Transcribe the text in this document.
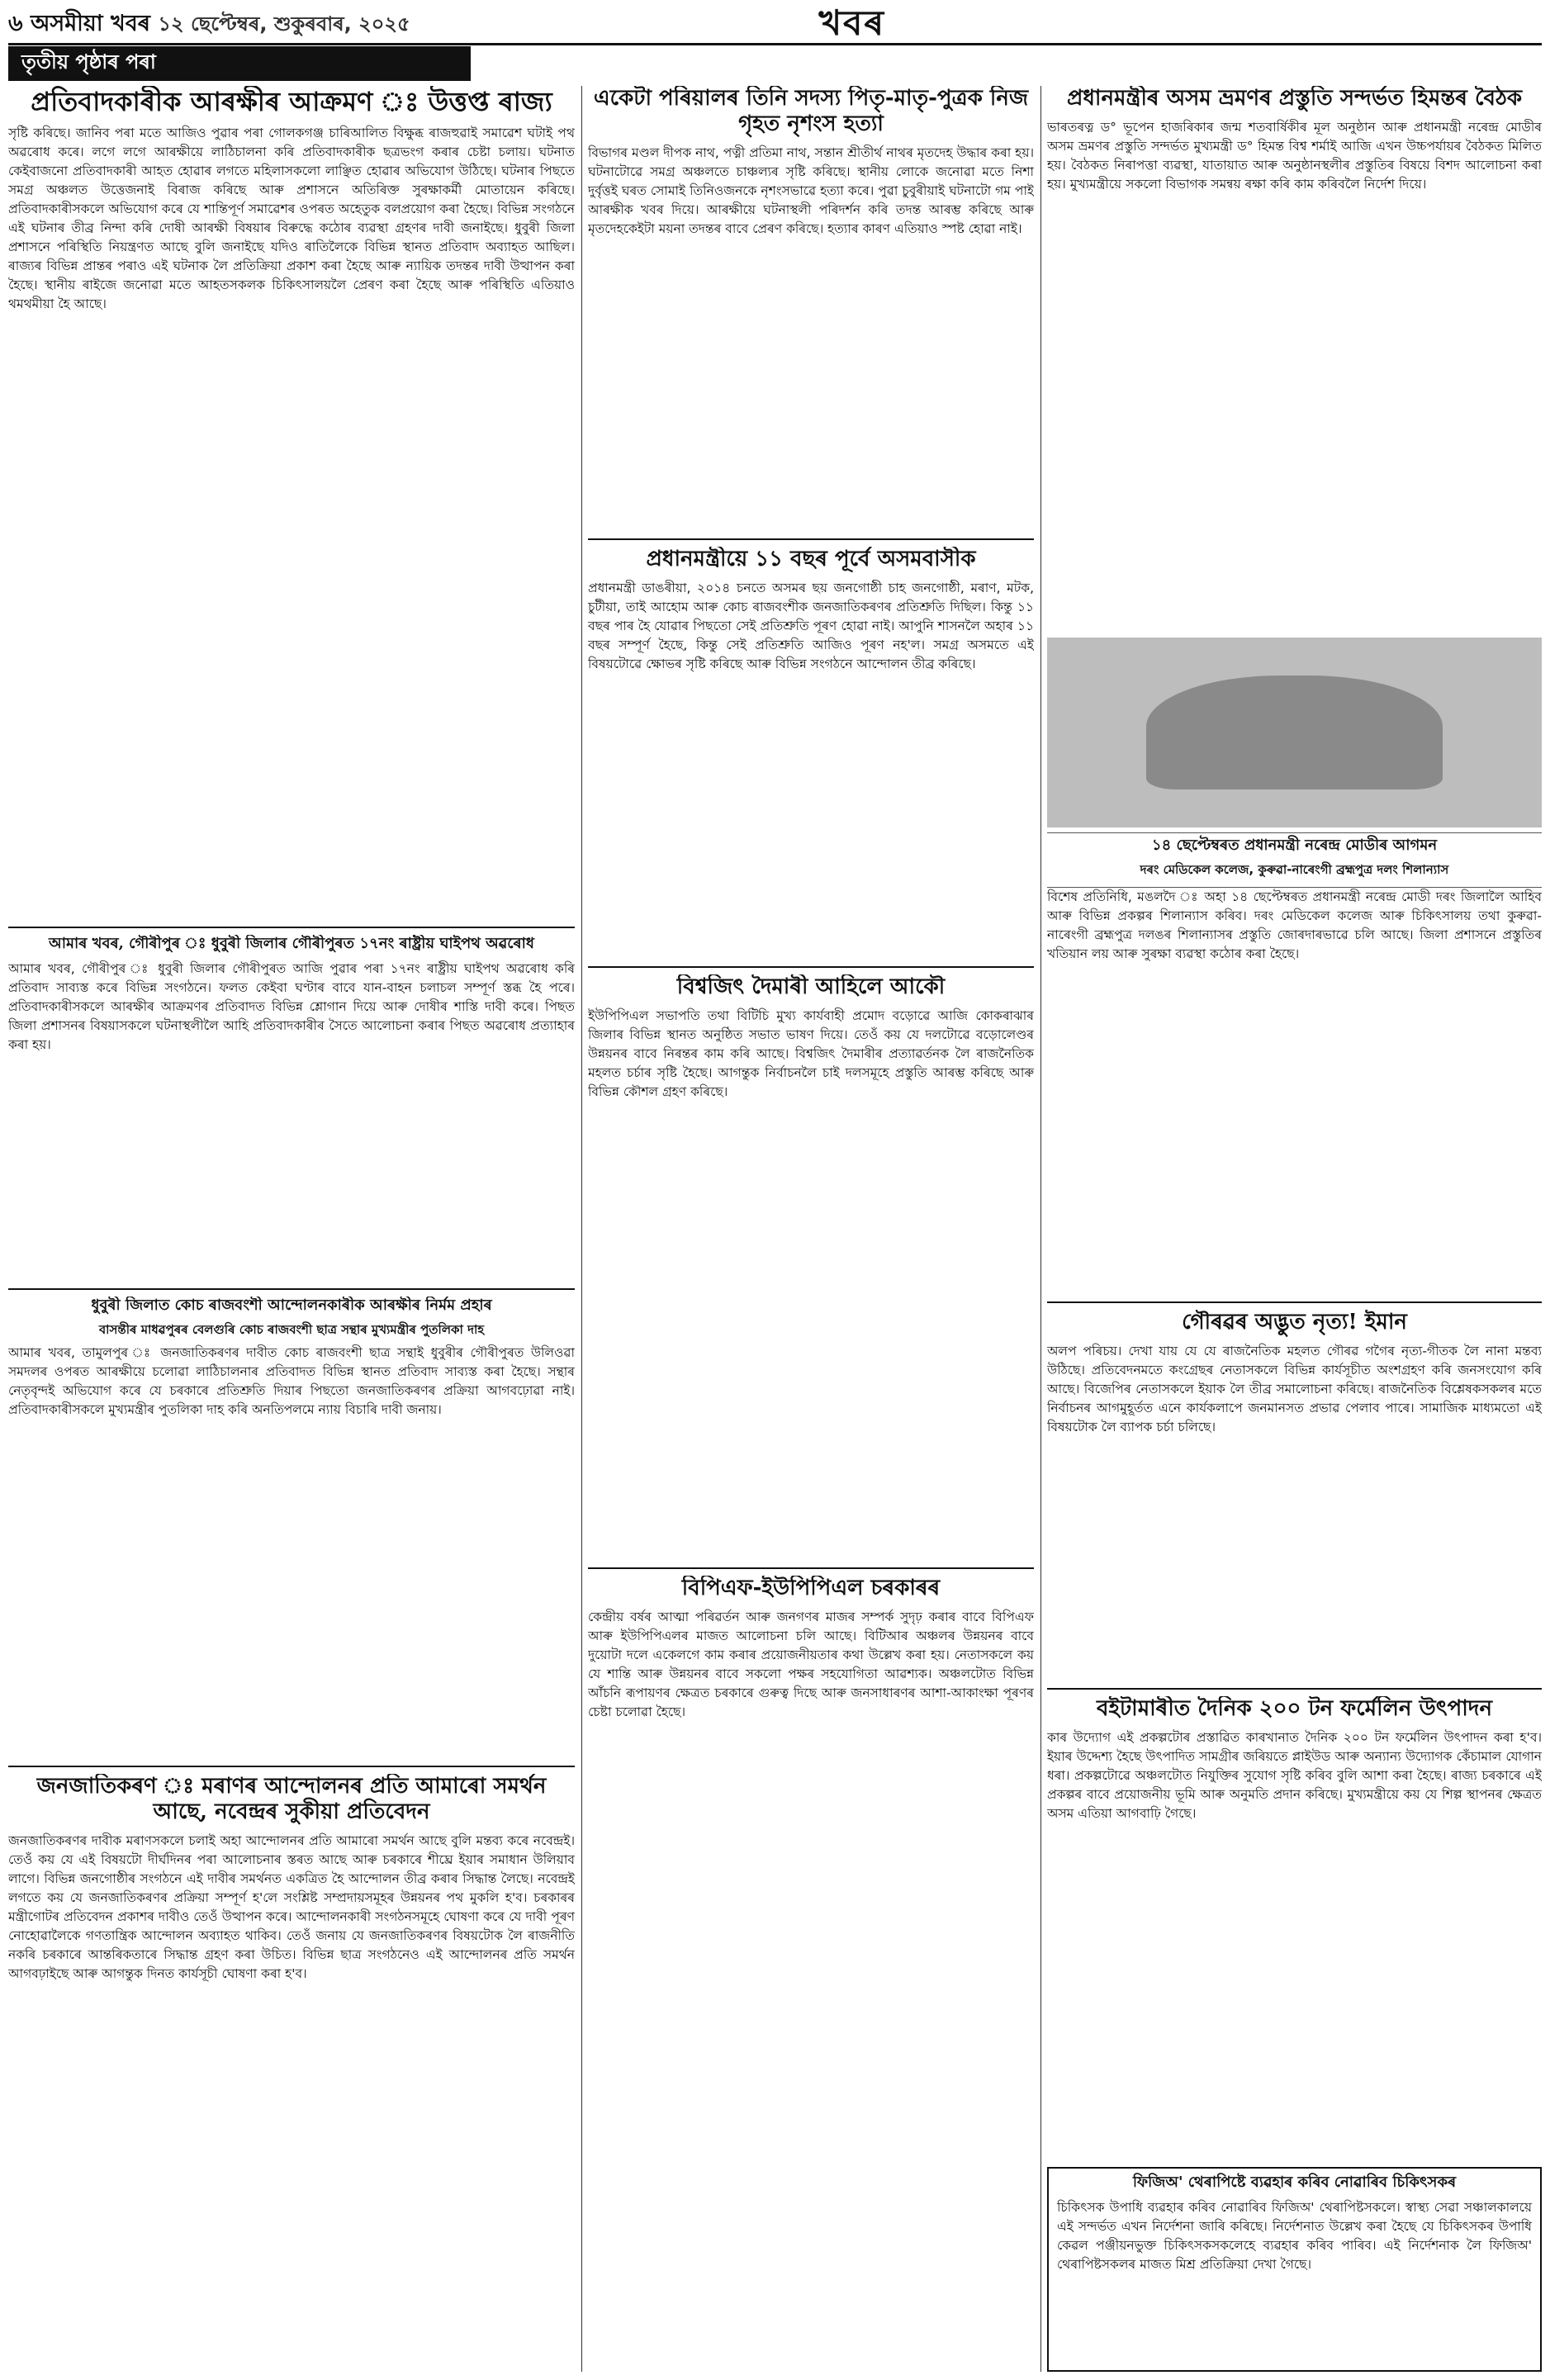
৬ অসমীয়া খবৰ ১২ ছেপ্টেম্বৰ, শুকুৰবাৰ, ২০২৫	খবৰ
তৃতীয় পৃষ্ঠাৰ পৰা
প্ৰতিবাদকাৰীক আৰক্ষীৰ আক্ৰমণ ঃ উত্তপ্ত ৰাজ্য

সৃষ্টি কৰিছে। জানিব পৰা মতে আজিও পুৱাৰ পৰা গোলকগঞ্জ চাৰিআলিত বিক্ষুব্ধ ৰাজহুৱাই সমাৱেশ ঘটাই পথ অৱৰোধ কৰে। লগে লগে আৰক্ষীয়ে লাঠিচালনা কৰি প্ৰতিবাদকাৰীক ছত্ৰভংগ কৰাৰ চেষ্টা চলায়। ঘটনাত কেইবাজনো প্ৰতিবাদকাৰী আহত হোৱাৰ লগতে মহিলাসকলো লাঞ্ছিত হোৱাৰ অভিযোগ উঠিছে। ঘটনাৰ পিছতে সমগ্ৰ অঞ্চলত উত্তেজনাই বিৰাজ কৰিছে আৰু প্ৰশাসনে অতিৰিক্ত সুৰক্ষাকৰ্মী মোতায়েন কৰিছে। প্ৰতিবাদকাৰীসকলে অভিযোগ কৰে যে শান্তিপূৰ্ণ সমাৱেশৰ ওপৰত অহেতুক বলপ্ৰয়োগ কৰা হৈছে। বিভিন্ন সংগঠনে এই ঘটনাৰ তীব্ৰ নিন্দা কৰি দোষী আৰক্ষী বিষয়াৰ বিৰুদ্ধে কঠোৰ ব্যৱস্থা গ্ৰহণৰ দাবী জনাইছে। ধুবুৰী জিলা প্ৰশাসনে পৰিস্থিতি নিয়ন্ত্ৰণত আছে বুলি জনাইছে যদিও ৰাতিলৈকে বিভিন্ন স্থানত প্ৰতিবাদ অব্যাহত আছিল। ৰাজ্যৰ বিভিন্ন প্ৰান্তৰ পৰাও এই ঘটনাক লৈ প্ৰতিক্ৰিয়া প্ৰকাশ কৰা হৈছে আৰু ন্যায়িক তদন্তৰ দাবী উত্থাপন কৰা হৈছে। স্থানীয় ৰাইজে জনোৱা মতে আহতসকলক চিকিৎসালয়লৈ প্ৰেৰণ কৰা হৈছে আৰু পৰিস্থিতি এতিয়াও থমথমীয়া হৈ আছে।

আমাৰ খবৰ, গৌৰীপুৰ ঃ ধুবুৰী জিলাৰ গৌৰীপুৰত ১৭নং ৰাষ্ট্ৰীয় ঘাইপথ অৱৰোধ

আমাৰ খবৰ, গৌৰীপুৰ ঃ ধুবুৰী জিলাৰ গৌৰীপুৰত আজি পুৱাৰ পৰা ১৭নং ৰাষ্ট্ৰীয় ঘাইপথ অৱৰোধ কৰি প্ৰতিবাদ সাব্যস্ত কৰে বিভিন্ন সংগঠনে। ফলত কেইবা ঘণ্টাৰ বাবে যান-বাহন চলাচল সম্পূৰ্ণ স্তব্ধ হৈ পৰে। প্ৰতিবাদকাৰীসকলে আৰক্ষীৰ আক্ৰমণৰ প্ৰতিবাদত বিভিন্ন শ্লোগান দিয়ে আৰু দোষীৰ শাস্তি দাবী কৰে। পিছত জিলা প্ৰশাসনৰ বিষয়াসকলে ঘটনাস্থলীলৈ আহি প্ৰতিবাদকাৰীৰ সৈতে আলোচনা কৰাৰ পিছত অৱৰোধ প্ৰত্যাহাৰ কৰা হয়।

ধুবুৰী জিলাত কোচ ৰাজবংশী আন্দোলনকাৰীক আৰক্ষীৰ নিৰ্মম প্ৰহাৰ

বাসন্তীৰ মাধৱপুৰৰ বেলগুৰি কোচ ৰাজবংশী ছাত্ৰ সন্থাৰ মুখ্যমন্ত্ৰীৰ পুতলিকা দাহ

আমাৰ খবৰ, তামুলপুৰ ঃ জনজাতিকৰণৰ দাবীত কোচ ৰাজবংশী ছাত্ৰ সন্থাই ধুবুৰীৰ গৌৰীপুৰত উলিওৱা সমদলৰ ওপৰত আৰক্ষীয়ে চলোৱা লাঠিচালনাৰ প্ৰতিবাদত বিভিন্ন স্থানত প্ৰতিবাদ সাব্যস্ত কৰা হৈছে। সন্থাৰ নেতৃবৃন্দই অভিযোগ কৰে যে চৰকাৰে প্ৰতিশ্ৰুতি দিয়াৰ পিছতো জনজাতিকৰণৰ প্ৰক্ৰিয়া আগবঢ়োৱা নাই। প্ৰতিবাদকাৰীসকলে মুখ্যমন্ত্ৰীৰ পুতলিকা দাহ কৰি অনতিপলমে ন্যায় বিচাৰি দাবী জনায়।

জনজাতিকৰণ ঃ মৰাণৰ আন্দোলনৰ প্ৰতি আমাৰো সমৰ্থন আছে, নবেন্দ্ৰৰ সুকীয়া প্ৰতিবেদন

জনজাতিকৰণৰ দাবীক মৰাণসকলে চলাই অহা আন্দোলনৰ প্ৰতি আমাৰো সমৰ্থন আছে বুলি মন্তব্য কৰে নবেন্দ্ৰই। তেওঁ কয় যে এই বিষয়টো দীৰ্ঘদিনৰ পৰা আলোচনাৰ স্তৰত আছে আৰু চৰকাৰে শীঘ্ৰে ইয়াৰ সমাধান উলিয়াব লাগে। বিভিন্ন জনগোষ্ঠীৰ সংগঠনে এই দাবীৰ সমৰ্থনত একত্ৰিত হৈ আন্দোলন তীব্ৰ কৰাৰ সিদ্ধান্ত লৈছে। নবেন্দ্ৰই লগতে কয় যে জনজাতিকৰণৰ প্ৰক্ৰিয়া সম্পূৰ্ণ হ'লে সংশ্লিষ্ট সম্প্ৰদায়সমূহৰ উন্নয়নৰ পথ মুকলি হ'ব। চৰকাৰৰ মন্ত্ৰীগোটৰ প্ৰতিবেদন প্ৰকাশৰ দাবীও তেওঁ উত্থাপন কৰে। আন্দোলনকাৰী সংগঠনসমূহে ঘোষণা কৰে যে দাবী পূৰণ নোহোৱালৈকে গণতান্ত্ৰিক আন্দোলন অব্যাহত থাকিব। তেওঁ জনায় যে জনজাতিকৰণৰ বিষয়টোক লৈ ৰাজনীতি নকৰি চৰকাৰে আন্তৰিকতাৰে সিদ্ধান্ত গ্ৰহণ কৰা উচিত। বিভিন্ন ছাত্ৰ সংগঠনেও এই আন্দোলনৰ প্ৰতি সমৰ্থন আগবঢ়াইছে আৰু আগন্তুক দিনত কাৰ্যসূচী ঘোষণা কৰা হ'ব।

একেটা পৰিয়ালৰ তিনি সদস্য পিতৃ-মাতৃ-পুত্ৰক নিজ গৃহত নৃশংস হত্যা

বিভাগৰ মণ্ডল দীপক নাথ, পত্নী প্ৰতিমা নাথ, সন্তান শ্ৰীতীৰ্থ নাথৰ মৃতদেহ উদ্ধাৰ কৰা হয়। ঘটনাটোৱে সমগ্ৰ অঞ্চলতে চাঞ্চল্যৰ সৃষ্টি কৰিছে। স্থানীয় লোকে জনোৱা মতে নিশা দুৰ্বৃত্তই ঘৰত সোমাই তিনিওজনকে নৃশংসভাৱে হত্যা কৰে। পুৱা চুবুৰীয়াই ঘটনাটো গম পাই আৰক্ষীক খবৰ দিয়ে। আৰক্ষীয়ে ঘটনাস্থলী পৰিদৰ্শন কৰি তদন্ত আৰম্ভ কৰিছে আৰু মৃতদেহকেইটা ময়না তদন্তৰ বাবে প্ৰেৰণ কৰিছে। হত্যাৰ কাৰণ এতিয়াও স্পষ্ট হোৱা নাই।

প্ৰধানমন্ত্ৰীয়ে ১১ বছৰ পূৰ্বে অসমবাসীক

প্ৰধানমন্ত্ৰী ডাঙৰীয়া, ২০১৪ চনতে অসমৰ ছয় জনগোষ্ঠী চাহ জনগোষ্ঠী, মৰাণ, মটক, চুটীয়া, তাই আহোম আৰু কোচ ৰাজবংশীক জনজাতিকৰণৰ প্ৰতিশ্ৰুতি দিছিল। কিন্তু ১১ বছৰ পাৰ হৈ যোৱাৰ পিছতো সেই প্ৰতিশ্ৰুতি পূৰণ হোৱা নাই। আপুনি শাসনলৈ অহাৰ ১১ বছৰ সম্পূৰ্ণ হৈছে, কিন্তু সেই প্ৰতিশ্ৰুতি আজিও পূৰণ নহ'ল। সমগ্ৰ অসমতে এই বিষয়টোৱে ক্ষোভৰ সৃষ্টি কৰিছে আৰু বিভিন্ন সংগঠনে আন্দোলন তীব্ৰ কৰিছে।

বিশ্বজিৎ দৈমাৰী আহিলে আকৌ

ইউপিপিএল সভাপতি তথা বিটিচি মুখ্য কাৰ্যবাহী প্ৰমোদ বড়োৱে আজি কোকৰাঝাৰ জিলাৰ বিভিন্ন স্থানত অনুষ্ঠিত সভাত ভাষণ দিয়ে। তেওঁ কয় যে দলটোৱে বড়োলেণ্ডৰ উন্নয়নৰ বাবে নিৰন্তৰ কাম কৰি আছে। বিশ্বজিৎ দৈমাৰীৰ প্ৰত্যাৱৰ্তনক লৈ ৰাজনৈতিক মহলত চৰ্চাৰ সৃষ্টি হৈছে। আগন্তুক নিৰ্বাচনলৈ চাই দলসমূহে প্ৰস্তুতি আৰম্ভ কৰিছে আৰু বিভিন্ন কৌশল গ্ৰহণ কৰিছে।

বিপিএফ-ইউপিপিএল চৰকাৰৰ

কেন্দ্ৰীয় বৰ্ষৰ আত্মা পৰিৱৰ্তন আৰু জনগণৰ মাজৰ সম্পৰ্ক সুদৃঢ় কৰাৰ বাবে বিপিএফ আৰু ইউপিপিএলৰ মাজত আলোচনা চলি আছে। বিটিআৰ অঞ্চলৰ উন্নয়নৰ বাবে দুয়োটা দলে একেলগে কাম কৰাৰ প্ৰয়োজনীয়তাৰ কথা উল্লেখ কৰা হয়। নেতাসকলে কয় যে শান্তি আৰু উন্নয়নৰ বাবে সকলো পক্ষৰ সহযোগিতা আৱশ্যক। অঞ্চলটোত বিভিন্ন আঁচনি ৰূপায়ণৰ ক্ষেত্ৰত চৰকাৰে গুৰুত্ব দিছে আৰু জনসাধাৰণৰ আশা-আকাংক্ষা পূৰণৰ চেষ্টা চলোৱা হৈছে।

প্ৰধানমন্ত্ৰীৰ অসম ভ্ৰমণৰ প্ৰস্তুতি সন্দৰ্ভত হিমন্তৰ বৈঠক

ভাৰতৰত্ন ড° ভূপেন হাজৰিকাৰ জন্ম শতবাৰ্ষিকীৰ মূল অনুষ্ঠান আৰু প্ৰধানমন্ত্ৰী নৰেন্দ্ৰ মোডীৰ অসম ভ্ৰমণৰ প্ৰস্তুতি সন্দৰ্ভত মুখ্যমন্ত্ৰী ড° হিমন্ত বিশ্ব শৰ্মাই আজি এখন উচ্চপৰ্যায়ৰ বৈঠকত মিলিত হয়। বৈঠকত নিৰাপত্তা ব্যৱস্থা, যাতায়াত আৰু অনুষ্ঠানস্থলীৰ প্ৰস্তুতিৰ বিষয়ে বিশদ আলোচনা কৰা হয়। মুখ্যমন্ত্ৰীয়ে সকলো বিভাগক সমন্বয় ৰক্ষা কৰি কাম কৰিবলৈ নিৰ্দেশ দিয়ে।

১৪ ছেপ্টেম্বৰত প্ৰধানমন্ত্ৰী নৰেন্দ্ৰ মোডীৰ আগমন

দৰং মেডিকেল কলেজ, কুৰুৱা-নাৰেংগী ব্ৰহ্মপুত্ৰ দলং শিলান্যাস

বিশেষ প্ৰতিনিধি, মঙলদৈ ঃ অহা ১৪ ছেপ্টেম্বৰত প্ৰধানমন্ত্ৰী নৰেন্দ্ৰ মোডী দৰং জিলালৈ আহিব আৰু বিভিন্ন প্ৰকল্পৰ শিলান্যাস কৰিব। দৰং মেডিকেল কলেজ আৰু চিকিৎসালয় তথা কুৰুৱা-নাৰেংগী ব্ৰহ্মপুত্ৰ দলঙৰ শিলান্যাসৰ প্ৰস্তুতি জোৰদাৰভাৱে চলি আছে। জিলা প্ৰশাসনে প্ৰস্তুতিৰ খতিয়ান লয় আৰু সুৰক্ষা ব্যৱস্থা কঠোৰ কৰা হৈছে।

গৌৰৱৰ অদ্ভুত নৃত্য! ইমান

অলপ পৰিচয়। দেখা যায় যে যে ৰাজনৈতিক মহলত গৌৰৱ গগৈৰ নৃত্য-গীতক লৈ নানা মন্তব্য উঠিছে। প্ৰতিবেদনমতে কংগ্ৰেছৰ নেতাসকলে বিভিন্ন কাৰ্যসূচীত অংশগ্ৰহণ কৰি জনসংযোগ কৰি আছে। বিজেপিৰ নেতাসকলে ইয়াক লৈ তীব্ৰ সমালোচনা কৰিছে। ৰাজনৈতিক বিশ্লেষকসকলৰ মতে নিৰ্বাচনৰ আগমুহূৰ্তত এনে কাৰ্যকলাপে জনমানসত প্ৰভাৱ পেলাব পাৰে। সামাজিক মাধ্যমতো এই বিষয়টোক লৈ ব্যাপক চৰ্চা চলিছে।

বইটামাৰীত দৈনিক ২০০ টন ফৰ্মেলিন উৎপাদন

কাৰ উদ্যোগ এই প্ৰকল্পটোৰ প্ৰস্তাৱিত কাৰখানাত দৈনিক ২০০ টন ফৰ্মেলিন উৎপাদন কৰা হ'ব। ইয়াৰ উদ্দেশ্য হৈছে উৎপাদিত সামগ্ৰীৰ জৰিয়তে প্লাইউড আৰু অন্যান্য উদ্যোগক কেঁচামাল যোগান ধৰা। প্ৰকল্পটোৱে অঞ্চলটোত নিযুক্তিৰ সুযোগ সৃষ্টি কৰিব বুলি আশা কৰা হৈছে। ৰাজ্য চৰকাৰে এই প্ৰকল্পৰ বাবে প্ৰয়োজনীয় ভূমি আৰু অনুমতি প্ৰদান কৰিছে। মুখ্যমন্ত্ৰীয়ে কয় যে শিল্প স্থাপনৰ ক্ষেত্ৰত অসম এতিয়া আগবাঢ়ি গৈছে।

ফিজিঅ' থেৰাপিষ্টে ব্যৱহাৰ কৰিব নোৱাৰিব চিকিৎসকৰ

চিকিৎসক উপাধি ব্যৱহাৰ কৰিব নোৱাৰিব ফিজিঅ' থেৰাপিষ্টসকলে। স্বাস্থ্য সেৱা সঞ্চালকালয়ে এই সন্দৰ্ভত এখন নিৰ্দেশনা জাৰি কৰিছে। নিৰ্দেশনাত উল্লেখ কৰা হৈছে যে চিকিৎসকৰ উপাধি কেৱল পঞ্জীয়নভুক্ত চিকিৎসকসকলেহে ব্যৱহাৰ কৰিব পাৰিব। এই নিৰ্দেশনাক লৈ ফিজিঅ' থেৰাপিষ্টসকলৰ মাজত মিশ্ৰ প্ৰতিক্ৰিয়া দেখা গৈছে।
